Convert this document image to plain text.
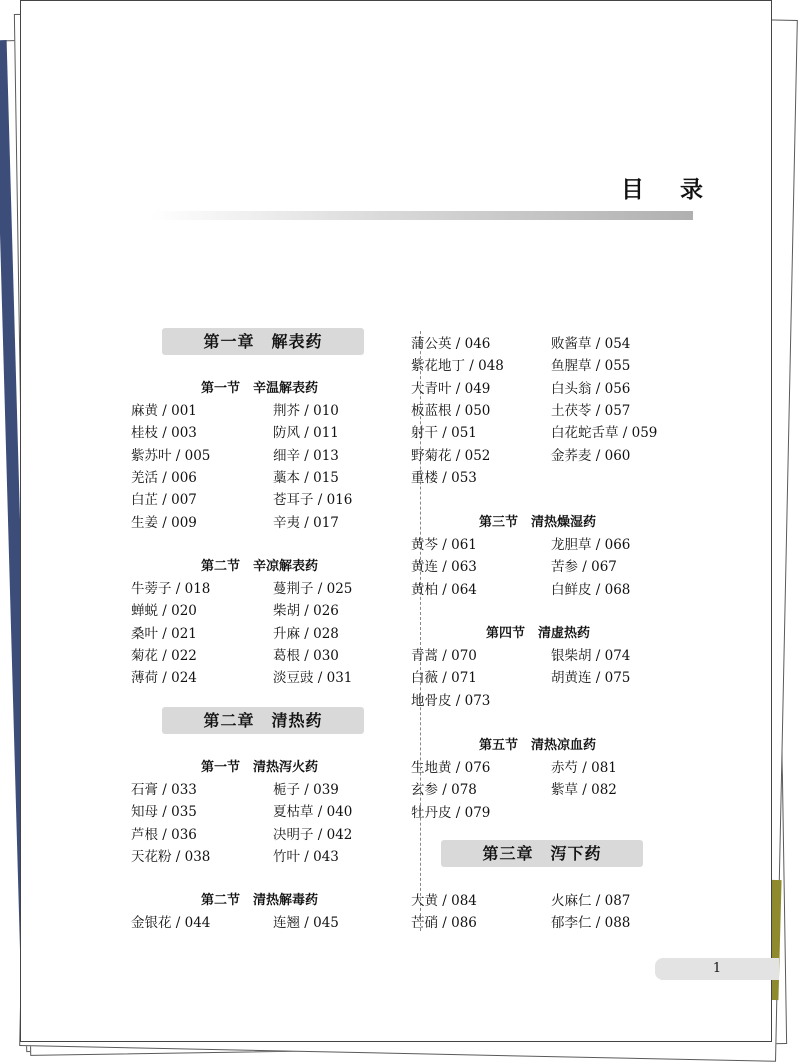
目 录
第一章　解表药
第一节　辛温解表药
麻黄 / 001	荆芥 / 010
桂枝 / 003	防风 / 011
紫苏叶 / 005	细辛 / 013
羌活 / 006	藁本 / 015
白芷 / 007	苍耳子 / 016
生姜 / 009	辛夷 / 017
第二节　辛凉解表药
牛蒡子 / 018	蔓荆子 / 025
蝉蜕 / 020	柴胡 / 026
桑叶 / 021	升麻 / 028
菊花 / 022	葛根 / 030
薄荷 / 024	淡豆豉 / 031
第二章　清热药
第一节　清热泻火药
石膏 / 033	栀子 / 039
知母 / 035	夏枯草 / 040
芦根 / 036	决明子 / 042
天花粉 / 038	竹叶 / 043
第二节　清热解毒药
金银花 / 044	连翘 / 045
蒲公英 / 046	败酱草 / 054
紫花地丁 / 048	鱼腥草 / 055
大青叶 / 049	白头翁 / 056
板蓝根 / 050	土茯苓 / 057
射干 / 051	白花蛇舌草 / 059
野菊花 / 052	金荞麦 / 060
重楼 / 053
第三节　清热燥湿药
黄芩 / 061	龙胆草 / 066
黄连 / 063	苦参 / 067
黄柏 / 064	白鲜皮 / 068
第四节　清虚热药
青蒿 / 070	银柴胡 / 074
白薇 / 071	胡黄连 / 075
地骨皮 / 073
第五节　清热凉血药
生地黄 / 076	赤芍 / 081
玄参 / 078	紫草 / 082
牡丹皮 / 079
第三章　泻下药
大黄 / 084	火麻仁 / 087
芒硝 / 086	郁李仁 / 088
1
